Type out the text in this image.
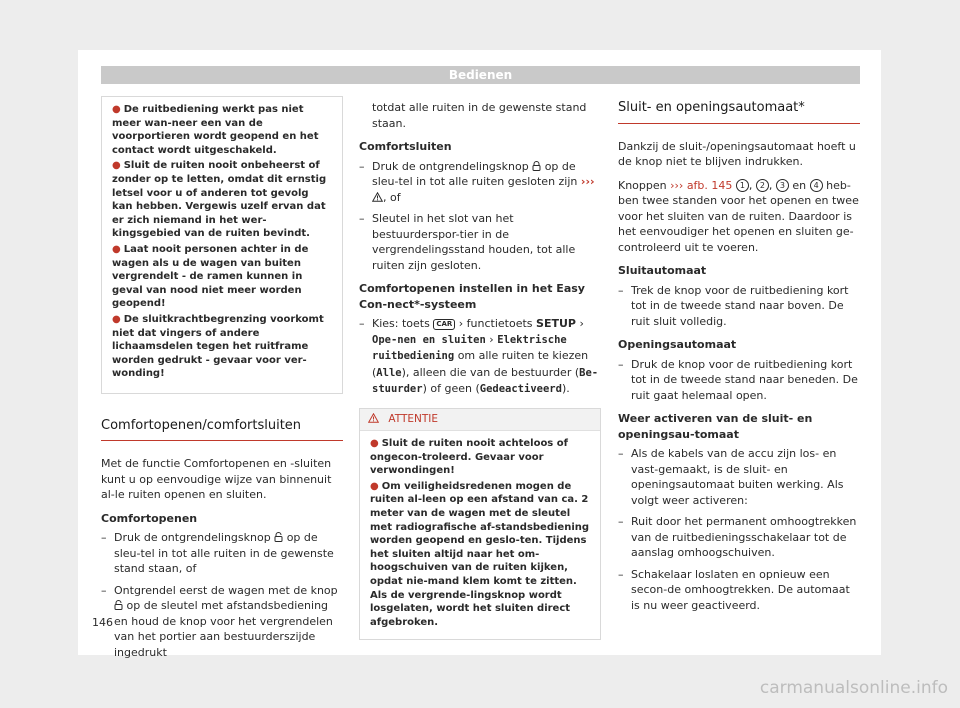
Bedienen

● De ruitbediening werkt pas niet meer wan-neer een van de voorportieren wordt geopend en het contact wordt uitgeschakeld.

● Sluit de ruiten nooit onbeheerst of zonder op te letten, omdat dit ernstig letsel voor u of anderen tot gevolg kan hebben. Vergewis uzelf ervan dat er zich niemand in het wer-kingsgebied van de ruiten bevindt.

● Laat nooit personen achter in de wagen als u de wagen van buiten vergrendelt - de ramen kunnen in geval van nood niet meer worden geopend!

● De sluitkrachtbegrenzing voorkomt niet dat vingers of andere lichaamsdelen tegen het ruitframe worden gedrukt - gevaar voor ver-wonding!

Comfortopenen/comfortsluiten

Met de functie Comfortopenen en -sluiten kunt u op eenvoudige wijze van binnenuit al-le ruiten openen en sluiten.

Comfortopenen
– Druk de ontgrendelingsknop op de sleu-tel in tot alle ruiten in de gewenste stand staan, of
– Ontgrendel eerst de wagen met de knop  op de sleutel met afstandsbediening en houd de knop voor het vergrendelen van het portier aan bestuurderszijde ingedrukt
totdat alle ruiten in de gewenste stand staan.
Comfortsluiten
– Druk de ontgrendelingsknop op de sleu-tel in tot alle ruiten gesloten zijn ››› , of
– Sleutel in het slot van het bestuurderspor-tier in de vergrendelingsstand houden, tot alle ruiten zijn gesloten.
Comfortopenen instellen in het Easy Con-nect*-systeem
– Kies: toets CAR › functietoets SETUP › Ope-nen en sluiten › Elektrische ruitbediening om alle ruiten te kiezen (Alle), alleen die van de bestuurder (Be-stuurder) of geen (Gedeactiveerd).
ATTENTIE

● Sluit de ruiten nooit achteloos of ongecon-troleerd. Gevaar voor verwondingen!

● Om veiligheidsredenen mogen de ruiten al-leen op een afstand van ca. 2 meter van de wagen met de sleutel met radiografische af-standsbediening worden geopend en geslo-ten. Tijdens het sluiten altijd naar het om-hoogschuiven van de ruiten kijken, opdat nie-mand klem komt te zitten. Als de vergrende-lingsknop wordt losgelaten, wordt het sluiten direct afgebroken.

Sluit- en openingsautomaat*

Dankzij de sluit-/openingsautomaat hoeft u de knop niet te blijven indrukken.

Knoppen ››› afb. 145 1 , 2 , 3 en 4 heb-ben twee standen voor het openen en twee voor het sluiten van de ruiten. Daardoor is het eenvoudiger het openen en sluiten ge-controleerd uit te voeren.

Sluitautomaat
– Trek de knop voor de ruitbediening kort tot in de tweede stand naar boven. De ruit sluit volledig.
Openingsautomaat
– Druk de knop voor de ruitbediening kort tot in de tweede stand naar beneden. De ruit gaat helemaal open.
Weer activeren van de sluit- en openingsau-tomaat
– Als de kabels van de accu zijn los- en vast-gemaakt, is de sluit- en openingsautomaat buiten werking. Als volgt weer activeren:
– Ruit door het permanent omhoogtrekken van de ruitbedieningsschakelaar tot de aanslag omhoogschuiven.
– Schakelaar loslaten en opnieuw een secon-de omhoogtrekken. De automaat is nu weer geactiveerd.
146
carmanualsonline.info
